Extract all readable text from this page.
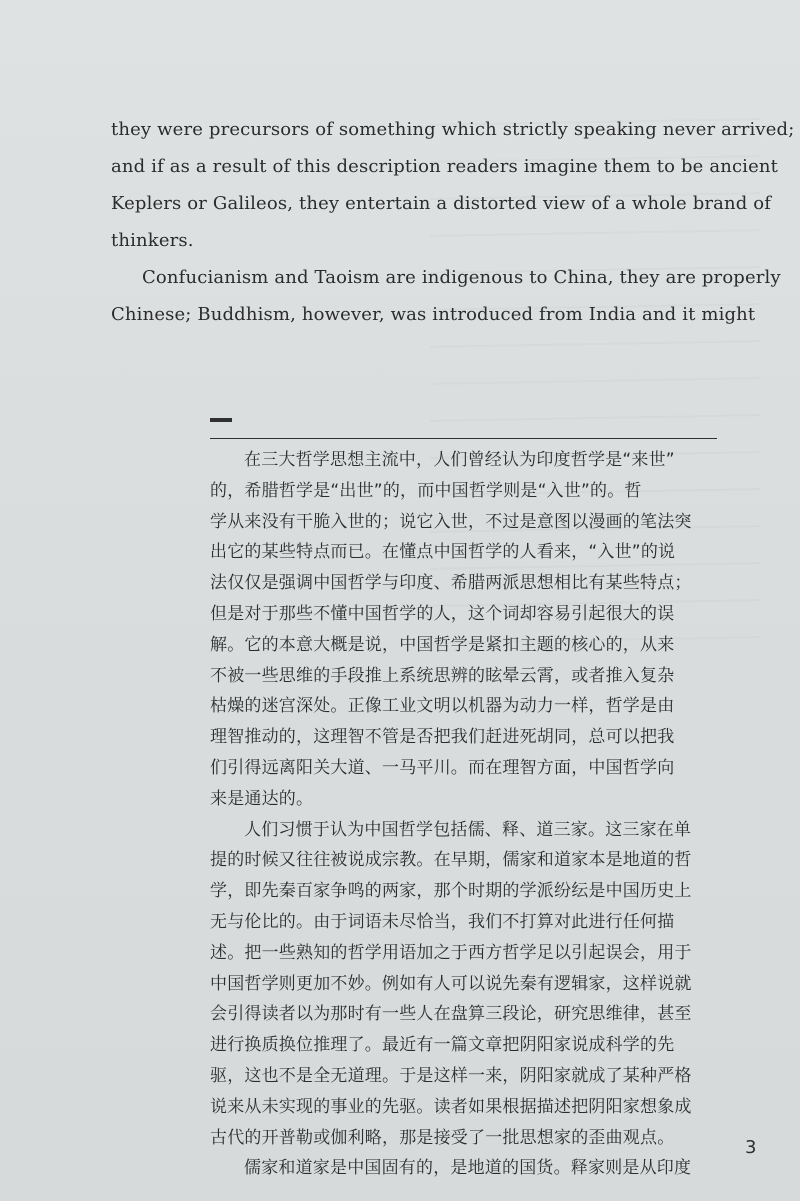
they were precursors of something which strictly speaking never arrived;
and if as a result of this description readers imagine them to be ancient
Keplers or Galileos, they entertain a distorted view of a whole brand of
thinkers.
Confucianism and Taoism are indigenous to China, they are properly
Chinese; Buddhism, however, was introduced from India and it might
在三大哲学思想主流中，人们曾经认为印度哲学是“来世”
的，希腊哲学是“出世”的，而中国哲学则是“入世”的。哲
学从来没有干脆入世的；说它入世，不过是意图以漫画的笔法突
出它的某些特点而已。在懂点中国哲学的人看来，“入世”的说
法仅仅是强调中国哲学与印度、希腊两派思想相比有某些特点；
但是对于那些不懂中国哲学的人，这个词却容易引起很大的误
解。它的本意大概是说，中国哲学是紧扣主题的核心的，从来
不被一些思维的手段推上系统思辨的眩晕云霄，或者推入复杂
枯燥的迷宫深处。正像工业文明以机器为动力一样，哲学是由
理智推动的，这理智不管是否把我们赶进死胡同，总可以把我
们引得远离阳关大道、一马平川。而在理智方面，中国哲学向
来是通达的。
人们习惯于认为中国哲学包括儒、释、道三家。这三家在单
提的时候又往往被说成宗教。在早期，儒家和道家本是地道的哲
学，即先秦百家争鸣的两家，那个时期的学派纷纭是中国历史上
无与伦比的。由于词语未尽恰当，我们不打算对此进行任何描
述。把一些熟知的哲学用语加之于西方哲学足以引起误会，用于
中国哲学则更加不妙。例如有人可以说先秦有逻辑家，这样说就
会引得读者以为那时有一些人在盘算三段论，研究思维律，甚至
进行换质换位推理了。最近有一篇文章把阴阳家说成科学的先
驱，这也不是全无道理。于是这样一来，阴阳家就成了某种严格
说来从未实现的事业的先驱。读者如果根据描述把阴阳家想象成
古代的开普勒或伽利略，那是接受了一批思想家的歪曲观点。
儒家和道家是中国固有的，是地道的国货。释家则是从印度
3
